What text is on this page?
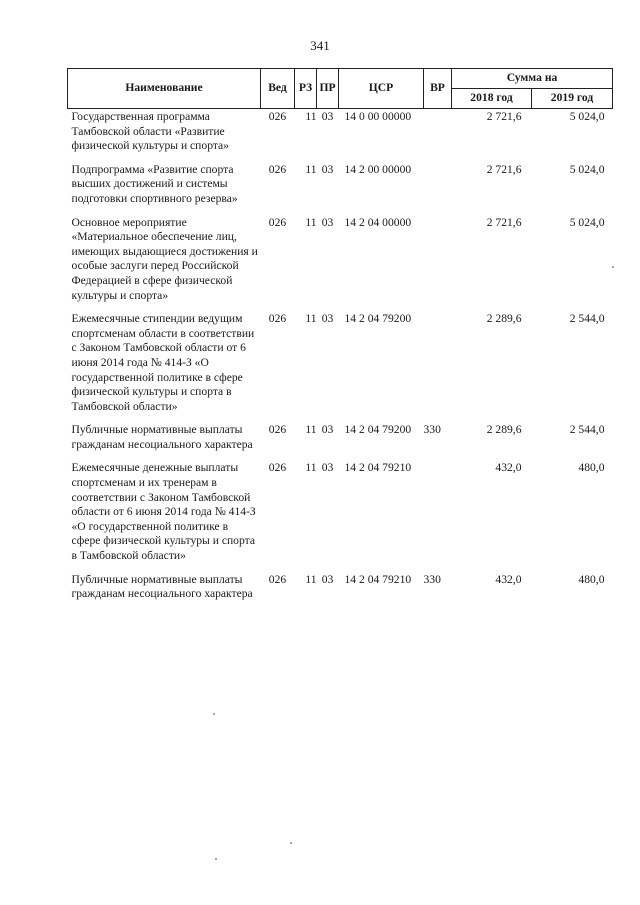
341
Наименование	Вед	РЗ	ПР	ЦСР	ВР	Сумма на	
						2018 год	2019 год
Государственная программа Тамбовской области «Развитие физической культуры и спорта»	026	11	03	14 0 00 00000		2 721,6	5 024,0
Подпрограмма «Развитие спорта высших достижений и системы подготовки спортивного резерва»	026	11	03	14 2 00 00000		2 721,6	5 024,0
Основное мероприятие «Материальное обеспечение лиц, имеющих выдающиеся достижения и особые заслуги перед Российской Федерацией в сфере физической культуры и спорта»	026	11	03	14 2 04 00000		2 721,6	5 024,0
Ежемесячные стипендии ведущим спортсменам области в соответствии с Законом Тамбовской области от 6 июня 2014 года № 414-З «О государственной политике в сфере физической культуры и спорта в Тамбовской области»	026	11	03	14 2 04 79200		2 289,6	2 544,0
Публичные нормативные выплаты гражданам несоциального характера	026	11	03	14 2 04 79200	330	2 289,6	2 544,0
Ежемесячные денежные выплаты спортсменам и их тренерам в соответствии с Законом Тамбовской области от 6 июня 2014 года № 414-З «О государственной политике в сфере физической культуры и спорта в Тамбовской области»	026	11	03	14 2 04 79210		432,0	480,0
Публичные нормативные выплаты гражданам несоциального характера	026	11	03	14 2 04 79210	330	432,0	480,0
